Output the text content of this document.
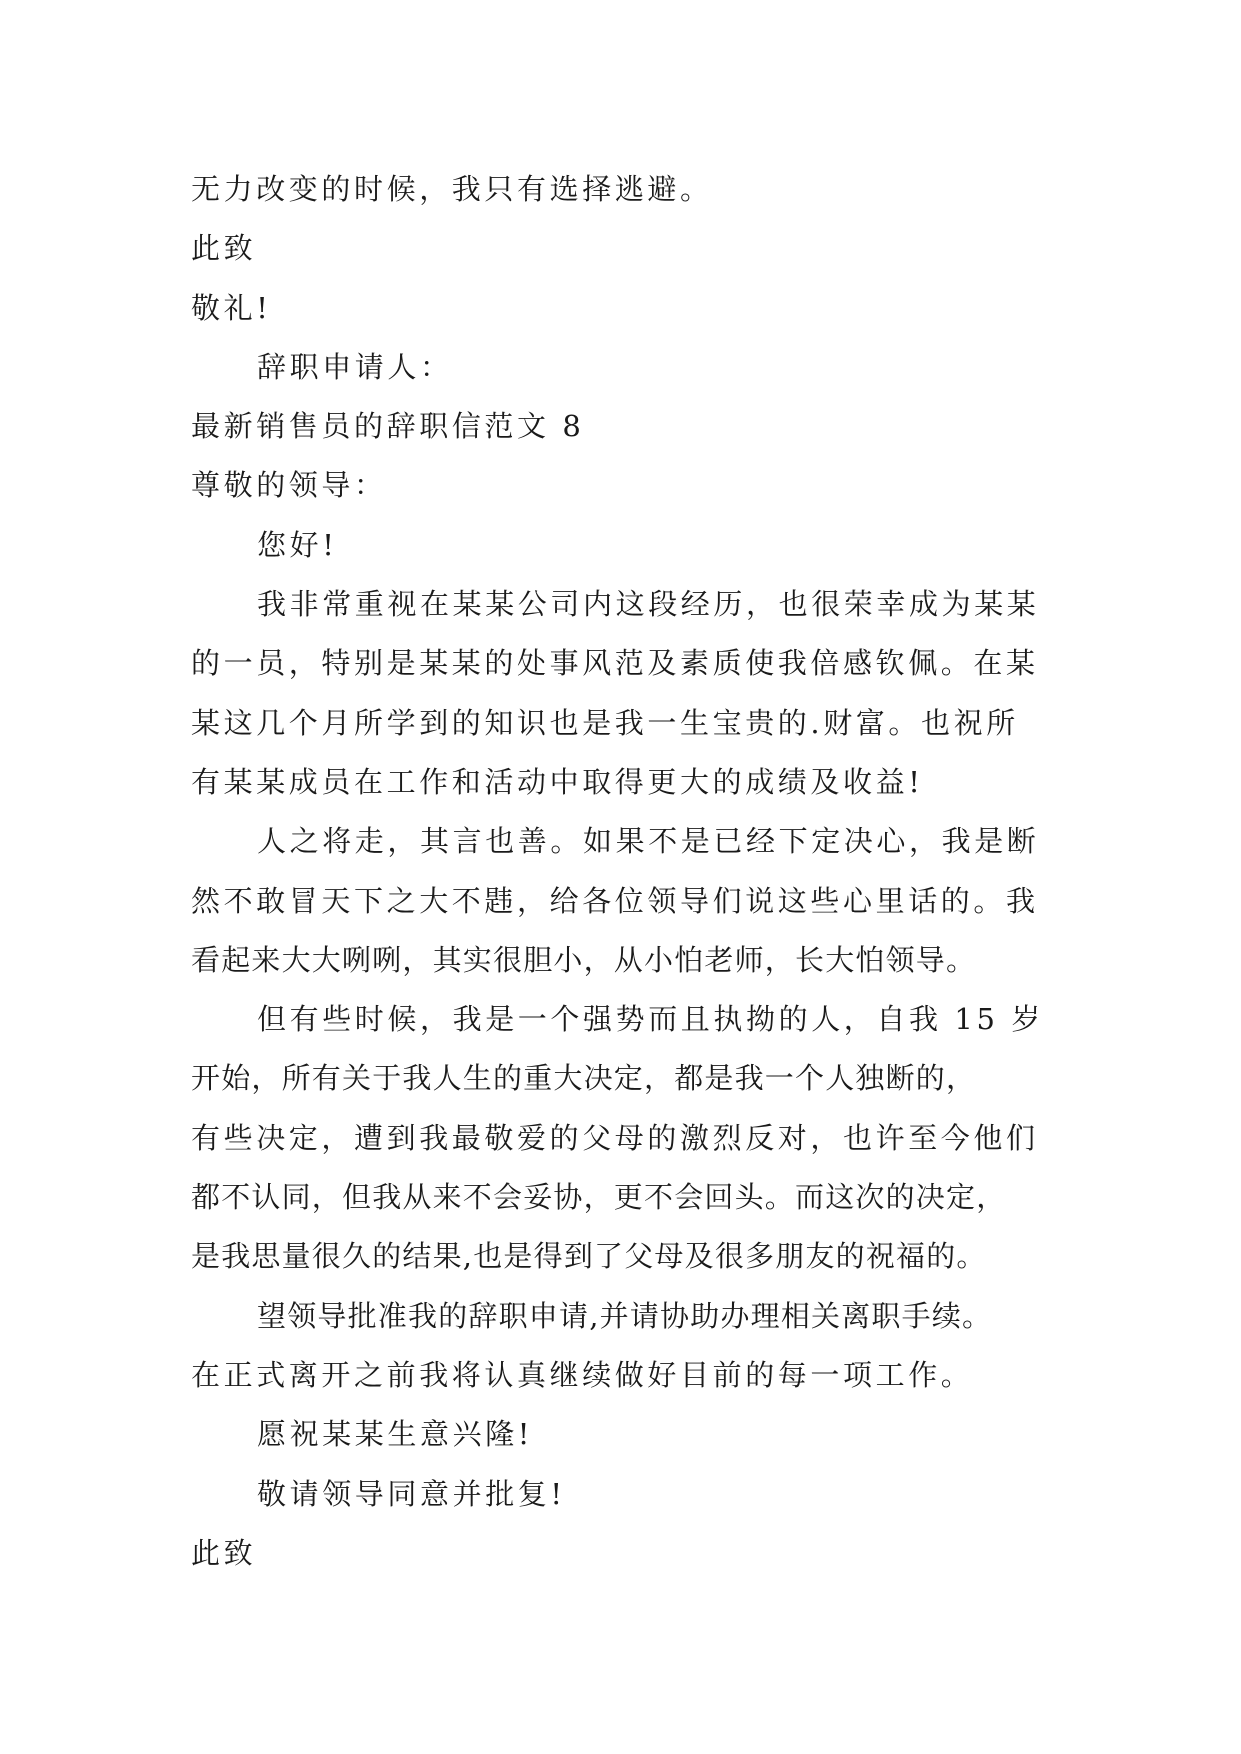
无力改变的时候，我只有选择逃避。

此致

敬礼!

辞职申请人：

最新销售员的辞职信范文 8

尊敬的领导：

您好!

我非常重视在某某公司内这段经历，也很荣幸成为某某

的一员，特别是某某的处事风范及素质使我倍感钦佩。在某

某这几个月所学到的知识也是我一生宝贵的.财富。也祝所

有某某成员在工作和活动中取得更大的成绩及收益!

人之将走，其言也善。如果不是已经下定决心，我是断

然不敢冒天下之大不韪，给各位领导们说这些心里话的。我

看起来大大咧咧，其实很胆小，从小怕老师，长大怕领导。

但有些时候，我是一个强势而且执拗的人，自我 15 岁

开始，所有关于我人生的重大决定，都是我一个人独断的，

有些决定，遭到我最敬爱的父母的激烈反对，也许至今他们

都不认同，但我从来不会妥协，更不会回头。而这次的决定，

是我思量很久的结果,也是得到了父母及很多朋友的祝福的。

望领导批准我的辞职申请,并请协助办理相关离职手续。

在正式离开之前我将认真继续做好目前的每一项工作。

愿祝某某生意兴隆!

敬请领导同意并批复!

此致
